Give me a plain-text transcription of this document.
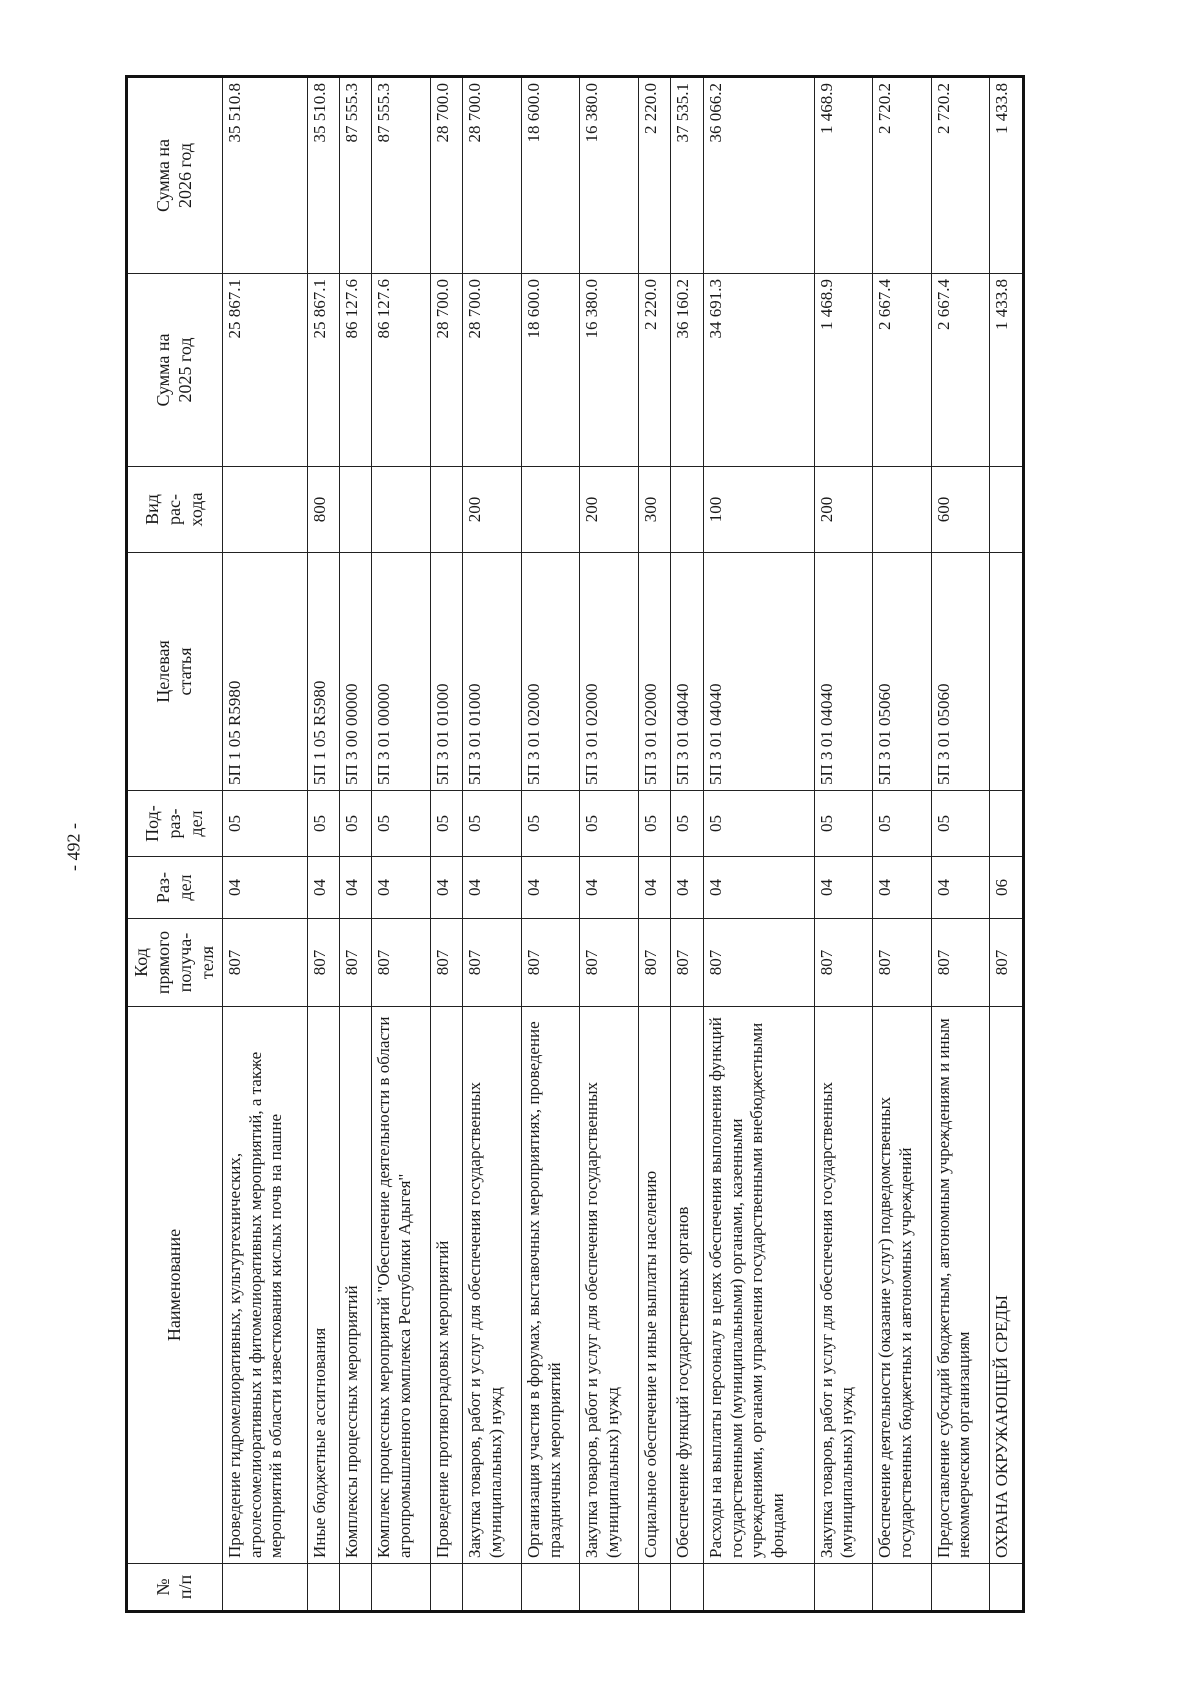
- 492 -
№
п/п	Наименование	Код
прямого
получа-
теля	Раз-
дел	Под-
раз-
дел	Целевая
статья	Вид
рас-
хода	Сумма на
2025 год	Сумма на
2026 год
	Проведение гидромелиоративных, культуртехнических, агролесомелиоративных и фитомелиоративных мероприятий, а также мероприятий в области известкования кислых почв на пашне	807	04	05	5П 1 05 R5980		25 867.1	35 510.8
	Иные бюджетные ассигнования	807	04	05	5П 1 05 R5980	800	25 867.1	35 510.8
	Комплексы процессных мероприятий	807	04	05	5П 3 00 00000		86 127.6	87 555.3
	Комплекс процессных мероприятий "Обеспечение деятельности в области агропромышленного комплекса Республики Адыгея"	807	04	05	5П 3 01 00000		86 127.6	87 555.3
	Проведение противоградовых мероприятий	807	04	05	5П 3 01 01000		28 700.0	28 700.0
	Закупка товаров, работ и услуг для обеспечения государственных (муниципальных) нужд	807	04	05	5П 3 01 01000	200	28 700.0	28 700.0
	Организация участия в форумах, выставочных мероприятиях, проведение праздничных мероприятий	807	04	05	5П 3 01 02000		18 600.0	18 600.0
	Закупка товаров, работ и услуг для обеспечения государственных (муниципальных) нужд	807	04	05	5П 3 01 02000	200	16 380.0	16 380.0
	Социальное обеспечение и иные выплаты населению	807	04	05	5П 3 01 02000	300	2 220.0	2 220.0
	Обеспечение функций государственных органов	807	04	05	5П 3 01 04040		36 160.2	37 535.1
	Расходы на выплаты персоналу в целях обеспечения выполнения функций государственными (муниципальными) органами, казенными учреждениями, органами управления государственными внебюджетными фондами	807	04	05	5П 3 01 04040	100	34 691.3	36 066.2
	Закупка товаров, работ и услуг для обеспечения государственных (муниципальных) нужд	807	04	05	5П 3 01 04040	200	1 468.9	1 468.9
	Обеспечение деятельности (оказание услуг) подведомственных государственных бюджетных и автономных учреждений	807	04	05	5П 3 01 05060		2 667.4	2 720.2
	Предоставление субсидий бюджетным, автономным учреждениям и иным некоммерческим организациям	807	04	05	5П 3 01 05060	600	2 667.4	2 720.2
	ОХРАНА ОКРУЖАЮЩЕЙ СРЕДЫ	807	06				1 433.8	1 433.8
